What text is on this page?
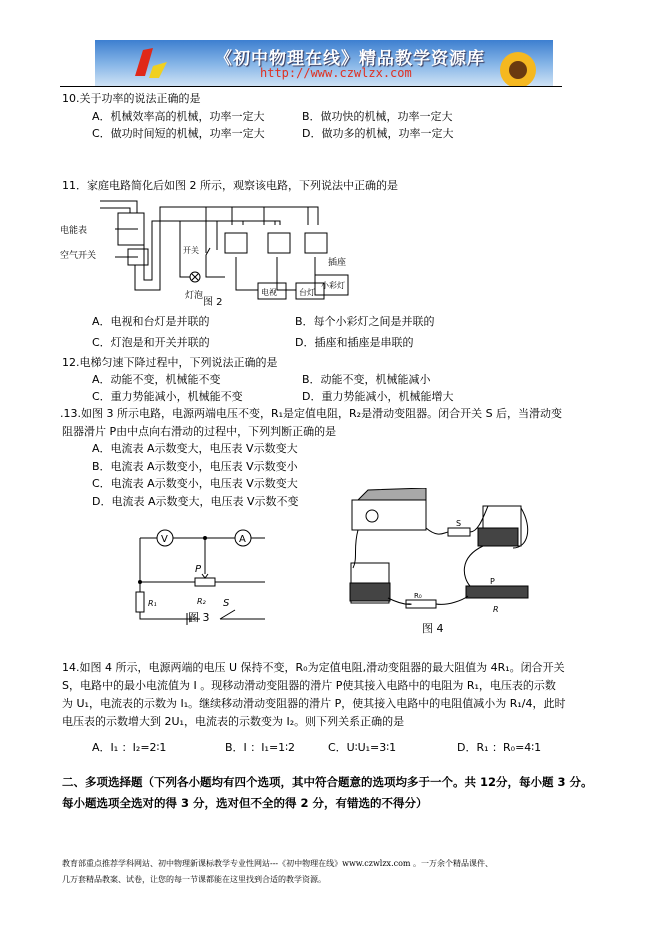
《初中物理在线》精品教学资源库
http://www.czwlzx.com
10.关于功率的说法正确的是
A．机械效率高的机械，功率一定大	B．做功快的机械，功率一定大
C．做功时间短的机械，功率一定大	D．做功多的机械，功率一定大
11．家庭电路简化后如图 2 所示，观察该电路，下列说法中正确的是
电能表
空气开关
开关
灯泡
插座
电视	台灯
小彩灯
图 2
A．电视和台灯是并联的	B．每个小彩灯之间是并联的
C．灯泡是和开关并联的	D．插座和插座是串联的
12.电梯匀速下降过程中，下列说法正确的是
A．动能不变，机械能不变	B．动能不变，机械能减小
C．重力势能减小，机械能不变	D．重力势能减小，机械能增大
.13.如图 3 所示电路，电源两端电压不变，R₁是定值电阻，R₂是滑动变阻器。闭合开关 S 后，当滑动变
阻器滑片 P由中点向右滑动的过程中，下列判断正确的是
A．电流表 A示数变大，电压表 V示数变大
B．电流表 A示数变小，电压表 V示数变小
C．电流表 A示数变小，电压表 V示数变大
D．电流表 A示数变大，电压表 V示数不变
V	A
P
R₁	R₂ S
图 3
S
P
R
R₀
图 4
14.如图 4 所示，电源两端的电压 U 保持不变，R₀为定值电阻,滑动变阻器的最大阻值为 4R₁。闭合开关
S，电路中的最小电流值为 I 。现移动滑动变阻器的滑片 P使其接入电路中的电阻为 R₁，电压表的示数
为 U₁，电流表的示数为 I₁。继续移动滑动变阻器的滑片 P，使其接入电路中的电阻值减小为 R₁/4，此时
电压表的示数增大到 2U₁，电流表的示数变为 I₂。则下列关系正确的是
A．I₁ ：I₂=2∶1	B．I ：I₁=1∶2	C．U∶U₁=3∶1	D．R₁ ：R₀=4∶1
二、多项选择题（下列各小题均有四个选项，其中符合题意的选项均多于一个。共 12分，每小题 3 分。
每小题选项全选对的得 3 分，选对但不全的得 2 分，有错选的不得分）
教育部重点推荐学科网站、初中物理新课标教学专业性网站---《初中物理在线》www.czwlzx.com 。一万余个精品课件、
几万套精品教案、试卷，让您的每一节课都能在这里找到合适的教学资源。
